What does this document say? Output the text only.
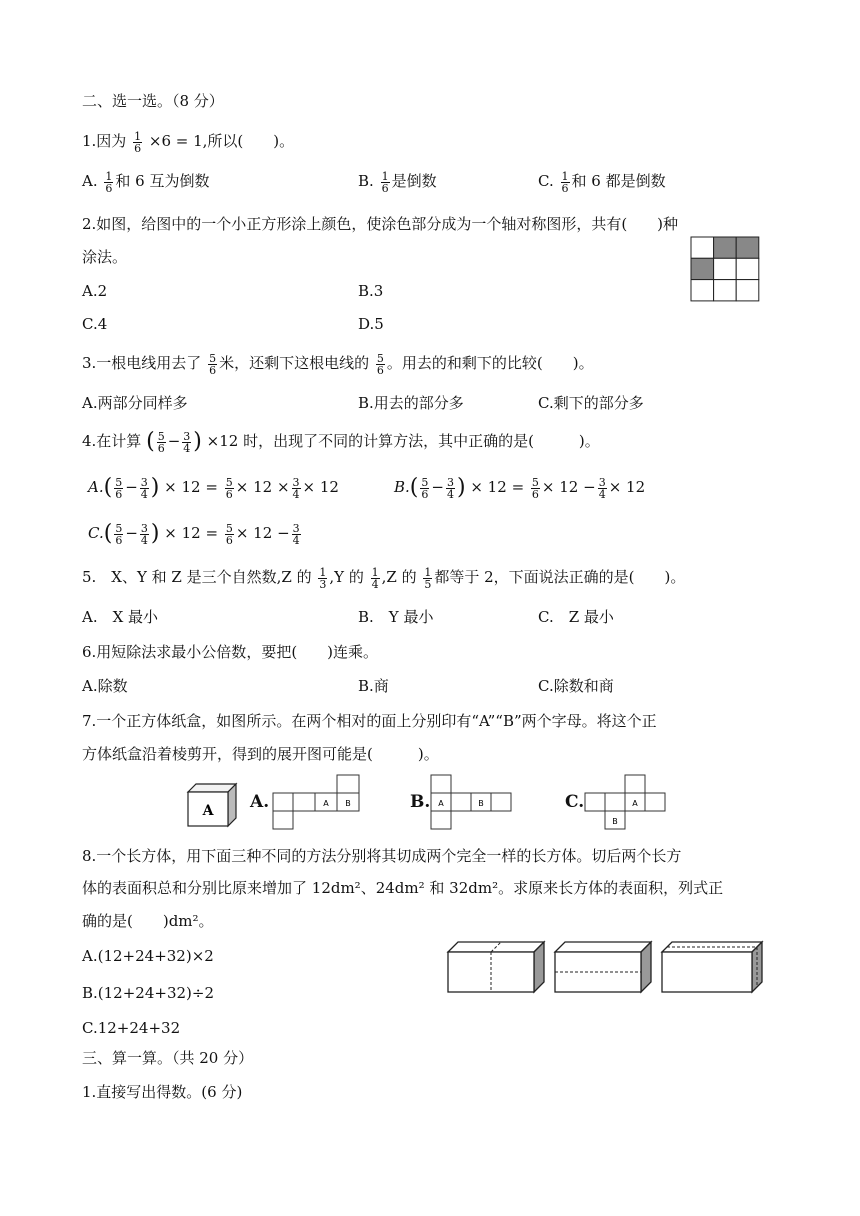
二、选一选。（8 分）
1.因为 $\frac{1}{6} \times 6 = 1$,所以(　　)。
A. $\frac{1}{6}$ 和 6 互为倒数	B. $\frac{1}{6}$ 是倒数	C. $\frac{1}{6}$ 和 6 都是倒数
2.如图，给图中的一个小正方形涂上颜色，使涂色部分成为一个轴对称图形，共有(　　)种
涂法。
A.2	B.3
C.4	D.5
3.一根电线用去了 $\frac{5}{6}$ 米，还剩下这根电线的 $\frac{5}{6}$ 。用去的和剩下的比较(　　)。
A.两部分同样多	B.用去的部分多	C.剩下的部分多
4.在计算 ( $\frac{5}{6} - \frac{3}{4}$ ) ×12 时，出现了不同的计算方法，其中正确的是(　　　)。
$A.( \frac{5}{6} - \frac{3}{4}$ ) × $12 = \frac{5}{6} \times 12 \times \frac{3}{4} \times 12$	$B.( \frac{5}{6} - \frac{3}{4}$ ) × $12 = \frac{5}{6} \times 12 - \frac{3}{4} \times 12$
$C.( \frac{5}{6} - \frac{3}{4}$ ) × $12 = \frac{5}{6} \times 12 - \frac{3}{4}$
5.　X、Y 和 Z 是三个自然数,Z 的 $\frac{1}{3} ,Y$ 的 $\frac{1}{4} ,Z$ 的 $\frac{1}{5}$ 都等于 2，下面说法正确的是(　　)。
A.　X 最小	B.　Y 最小	C.　Z 最小
6.用短除法求最小公倍数，要把(　　)连乘。
A.除数	B.商	C.除数和商
7.一个正方体纸盒，如图所示。在两个相对的面上分别印有“A”“B”两个字母。将这个正
方体纸盒沿着棱剪开，得到的展开图可能是(　　　)。
A A.	A B	B. A	B	C.	A
B
8.一个长方体，用下面三种不同的方法分别将其切成两个完全一样的长方体。切后两个长方
体的表面积总和分别比原来增加了 12dm²、24dm² 和 32dm²。求原来长方体的表面积，列式正
确的是(　　)dm²。
A.(12+24+32)×2
B.(12+24+32)÷2
C.12+24+32
三、算一算。（共 20 分）
1.直接写出得数。(6 分)
